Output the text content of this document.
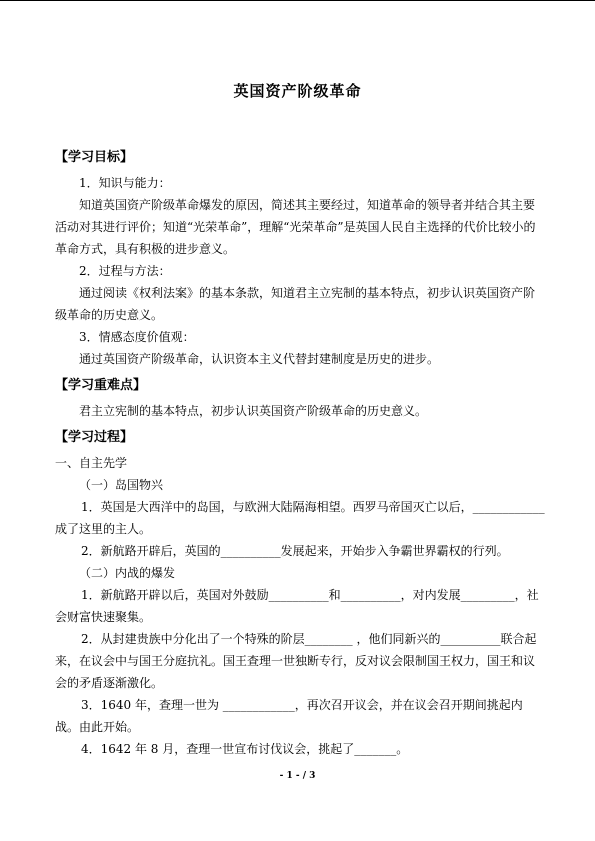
英国资产阶级革命
【学习目标】

1．知识与能力：

知道英国资产阶级革命爆发的原因，简述其主要经过，知道革命的领导者并结合其主要活动对其进行评价；知道“光荣革命”，理解“光荣革命”是英国人民自主选择的代价比较小的革命方式，具有积极的进步意义。

2．过程与方法：

通过阅读《权利法案》的基本条款，知道君主立宪制的基本特点，初步认识英国资产阶级革命的历史意义。

3．情感态度价值观：

通过英国资产阶级革命，认识资本主义代替封建制度是历史的进步。

【学习重难点】

君主立宪制的基本特点，初步认识英国资产阶级革命的历史意义。

【学习过程】

一、自主先学

（一）岛国物兴

1．英国是大西洋中的岛国，与欧洲大陆隔海相望。西罗马帝国灭亡以后，____________成了这里的主人。

2．新航路开辟后，英国的__________发展起来，开始步入争霸世界霸权的行列。

（二）内战的爆发

1．新航路开辟以后，英国对外鼓励__________和__________，对内发展_________，社会财富快速聚集。

2．从封建贵族中分化出了一个特殊的阶层________ ，他们同新兴的__________联合起来，在议会中与国王分庭抗礼。国王查理一世独断专行，反对议会限制国王权力，国王和议会的矛盾逐渐激化。

3．1640 年，查理一世为 ____________，再次召开议会，并在议会召开期间挑起内战。由此开始。

4．1642 年 8 月，查理一世宣布讨伐议会，挑起了_______。

- 1 - / 3
